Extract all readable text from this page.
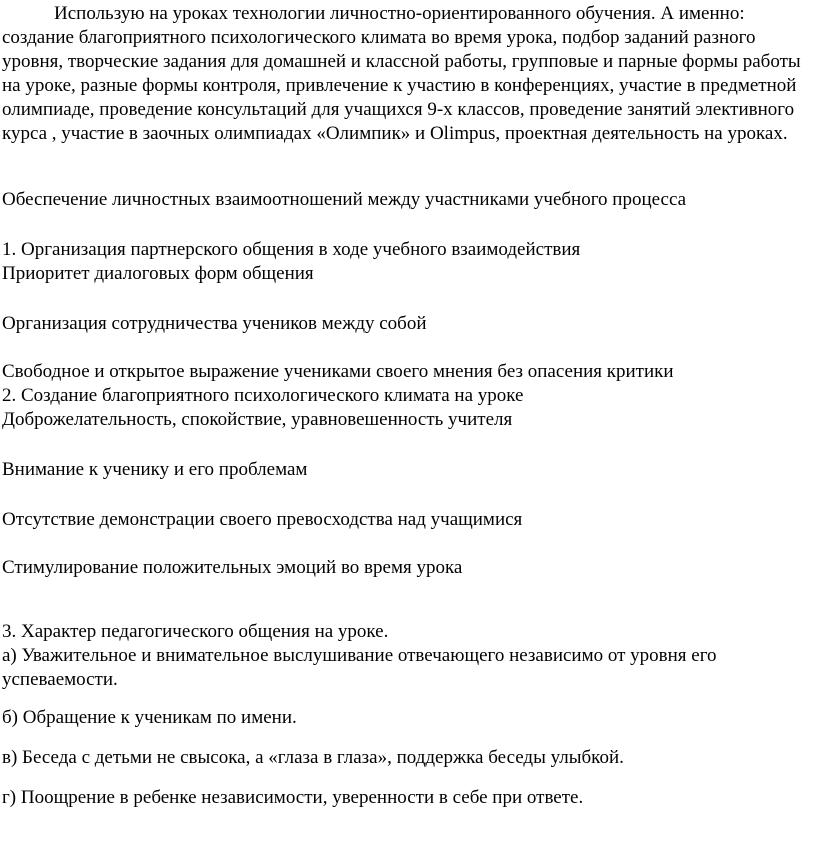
Использую на уроках технологии личностно-ориентированного обучения. А именно: создание благоприятного психологического климата во время урока, подбор заданий разного уровня, творческие задания для домашней и классной работы, групповые и парные формы работы на уроке, разные формы контроля, привлечение к участию в конференциях, участие в предметной олимпиаде, проведение консультаций для учащихся 9-х классов, проведение занятий элективного курса , участие в заочных олимпиадах «Олимпик» и Olimpus, проектная деятельность на уроках.
Обеспечение личностных взаимоотношений между участниками учебного процесса
1. Организация партнерского общения в ходе учебного взаимодействия
Приоритет диалоговых форм общения
Организация сотрудничества учеников между собой
Свободное и открытое выражение учениками своего мнения без опасения критики
2. Создание благоприятного психологического климата на уроке
Доброжелательность, спокойствие, уравновешенность учителя
Внимание к ученику и его проблемам
Отсутствие демонстрации своего превосходства над учащимися
Стимулирование положительных эмоций во время урока
3. Характер педагогического общения на уроке.
а) Уважительное и внимательное выслушивание отвечающего независимо от уровня его успеваемости.
б) Обращение к ученикам по имени.
в) Беседа с детьми не свысока, а «глаза в глаза», поддержка беседы улыбкой.
г) Поощрение в ребенке независимости, уверенности в себе при ответе.
